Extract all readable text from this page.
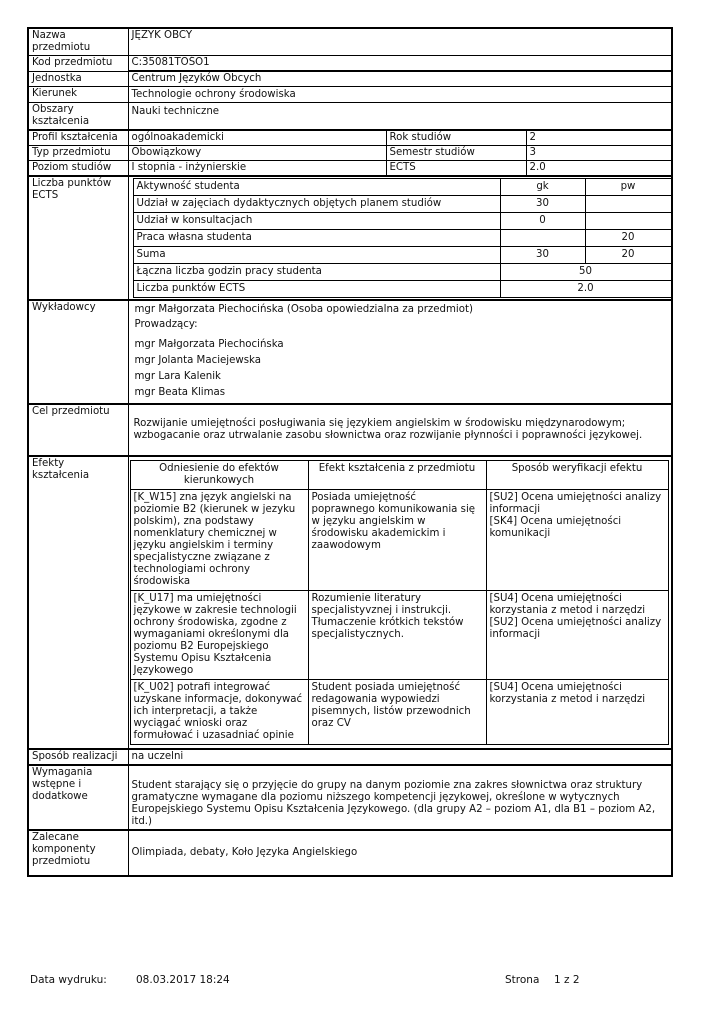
Nazwa przedmiotu	JĘZYK OBCY
Kod przedmiotu	C:35081TOŚO1
Jednostka	Centrum Języków Obcych
Kierunek	Technologie ochrony środowiska
Obszary kształcenia	Nauki techniczne
Profil kształcenia	ogólnoakademicki	Rok studiów	2
Typ przedmiotu	Obowiązkowy	Semestr studiów	3
Poziom studiów	I stopnia - inżynierskie	ECTS	2.0
Liczba punktów ECTS	
Aktywność studenta	gk	pw
Udział w zajęciach dydaktycznych objętych planem studiów	30	
Udział w konsultacjach	0	
Praca własna studenta		20
Suma	30	20
Łączna liczba godzin pracy studenta	50
Liczba punktów ECTS	2.0

Wykładowcy	mgr Małgorzata Piechocińska (Osoba opowiedzialna za przedmiot)
Prowadzący:
mgr Małgorzata Piechocińska
mgr Jolanta Maciejewska
mgr Lara Kalenik
mgr Beata Klimas

Cel przedmiotu	Rozwijanie umiejętności posługiwania się językiem angielskim w środowisku międzynarodowym; wzbogacanie oraz utrwalanie zasobu słownictwa oraz rozwijanie płynności i poprawności językowej.
Efekty kształcenia	
Odniesienie do efektów kierunkowych	Efekt kształcenia z przedmiotu	Sposób weryfikacji efektu
[K_W15] zna język angielski na poziomie B2 (kierunek w jezyku polskim), zna podstawy nomenklatury chemicznej w języku angielskim i terminy specjalistyczne związane z technologiami ochrony środowiska	Posiada umiejętność poprawnego komunikowania się w języku angielskim w środowisku akademickim i zaawodowym	[SU2] Ocena umiejętności analizy informacji
[SK4] Ocena umiejętności komunikacji
[K_U17] ma umiejętności językowe w zakresie technologii ochrony środowiska, zgodne z wymaganiami określonymi dla poziomu B2 Europejskiego Systemu Opisu Kształcenia Językowego	Rozumienie literatury specjalistyvznej i instrukcji. Tłumaczenie krótkich tekstów specjalistycznych.	[SU4] Ocena umiejętności korzystania z metod i narzędzi
[SU2] Ocena umiejętności analizy informacji
[K_U02] potrafi integrować uzyskane informacje, dokonywać ich interpretacji, a także wyciągać wnioski oraz formułować i uzasadniać opinie	Student posiada umiejętność redagowania wypowiedzi pisemnych, listów przewodnich oraz CV	[SU4] Ocena umiejętności korzystania z metod i narzędzi

Sposób realizacji	na uczelni
Wymagania wstępne i dodatkowe	Student starający się o przyjęcie do grupy na danym poziomie zna zakres słownictwa oraz struktury gramatyczne wymagane dla poziomu niższego kompetencji językowej, określone w wytycznych Europejskiego Systemu Opisu Kształcenia Językowego. (dla grupy A2 – poziom A1, dla B1 – poziom A2, itd.)
Zalecane komponenty przedmiotu	Olimpiada, debaty, Koło Języka Angielskiego
Data wydruku:	08.03.2017 18:24	Strona 1 z 2
